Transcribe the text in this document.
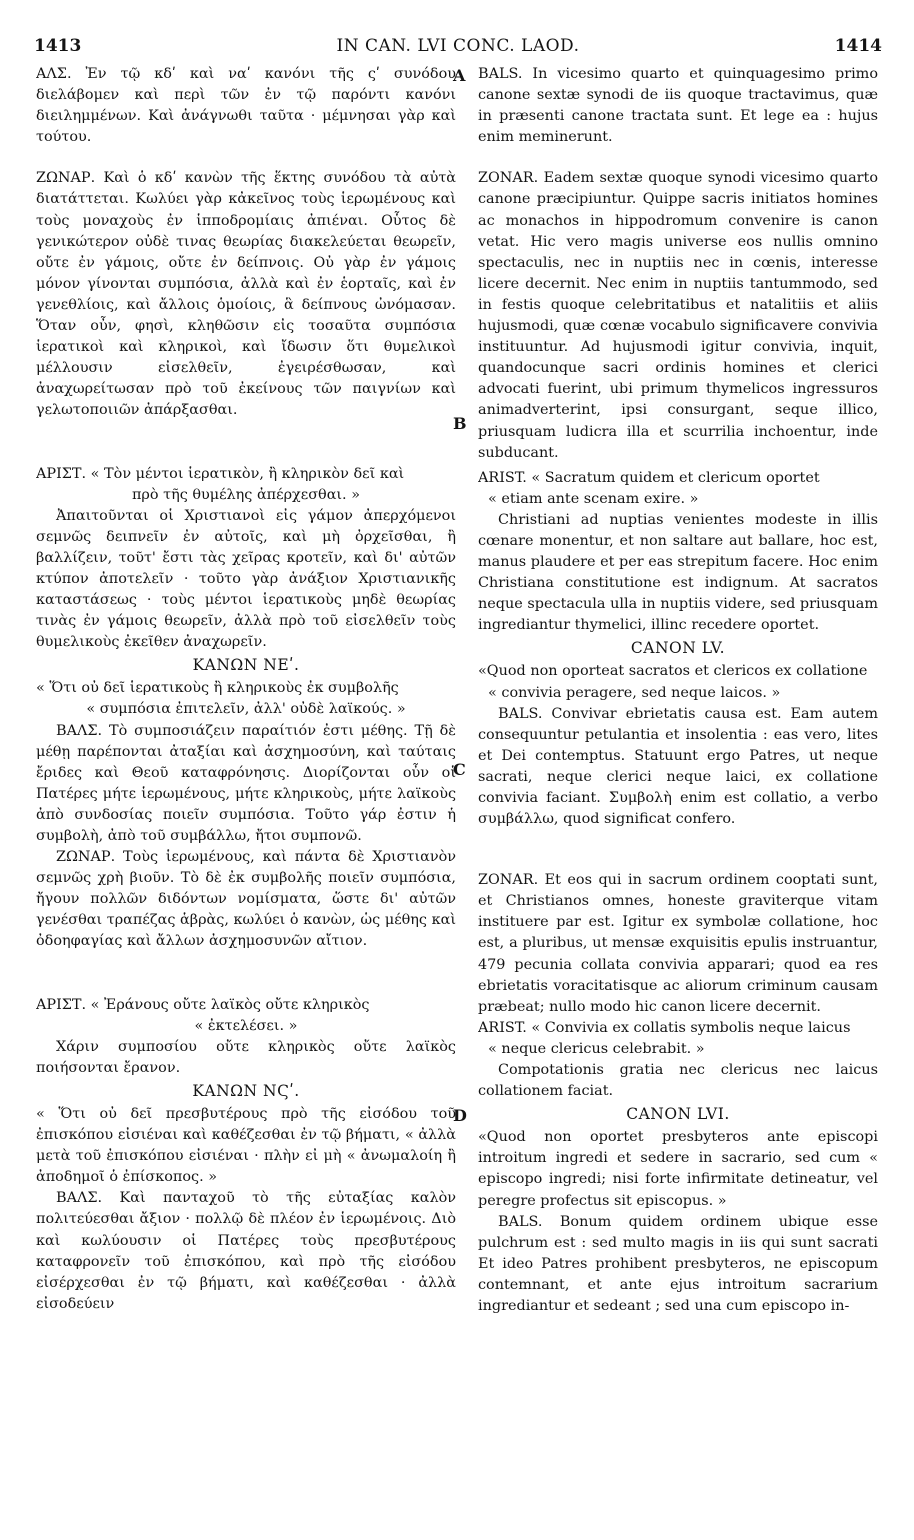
1413	IN CAN. LVI CONC. LAOD.	1414
A
B
C
D

ΑΛΣ. Ἐν τῷ κδʹ καὶ ναʹ κανόνι τῆς ςʹ συνόδου διελάβομεν καὶ περὶ τῶν ἐν τῷ παρόντι κανόνι διειλημμένων. Καὶ ἀνάγνωθι ταῦτα · μέμνησαι γὰρ καὶ τούτου.

ΖΩΝΑΡ. Καὶ ὁ κδʹ κανὼν τῆς ἕκτης συνόδου τὰ αὐτὰ διατάττεται. Κωλύει γὰρ κἀκεῖνος τοὺς ἱερωμένους καὶ τοὺς μοναχοὺς ἐν ἱπποδρομίαις ἀπιέναι. Οὗτος δὲ γενικώτερον οὐδὲ τινας θεωρίας διακελεύεται θεωρεῖν, οὔτε ἐν γάμοις, οὔτε ἐν δείπνοις. Οὐ γὰρ ἐν γάμοις μόνον γίνονται συμπόσια, ἀλλὰ καὶ ἐν ἑορταῖς, καὶ ἐν γενεθλίοις, καὶ ἄλλοις ὁμοίοις, ἃ δείπνους ὠνόμασαν. Ὅταν οὖν, φησὶ, κληθῶσιν εἰς τοσαῦτα συμπόσια ἱερατικοὶ καὶ κληρικοὶ, καὶ ἴδωσιν ὅτι θυμελικοὶ μέλλουσιν εἰσελθεῖν, ἐγειρέσθωσαν, καὶ ἀναχωρείτωσαν πρὸ τοῦ ἐκείνους τῶν παιγνίων καὶ γελωτοποιιῶν ἀπάρξασθαι.

ΑΡΙΣΤ. « Τὸν μέντοι ἱερατικὸν, ἢ κληρικὸν δεῖ καὶ

πρὸ τῆς θυμέλης ἀπέρχεσθαι. »

Ἀπαιτοῦνται οἱ Χριστιανοὶ εἰς γάμον ἀπερχόμενοι σεμνῶς δειπνεῖν ἐν αὐτοῖς, καὶ μὴ ὀρχεῖσθαι, ἢ βαλλίζειν, τοῦτ' ἔστι τὰς χεῖρας κροτεῖν, καὶ δι' αὐτῶν κτύπον ἀποτελεῖν · τοῦτο γὰρ ἀνάξιον Χριστιανικῆς καταστάσεως · τοὺς μέντοι ἱερατικοὺς μηδὲ θεωρίας τινὰς ἐν γάμοις θεωρεῖν, ἀλλὰ πρὸ τοῦ εἰσελθεῖν τοὺς θυμελικοὺς ἐκεῖθεν ἀναχωρεῖν.

ΚΑΝΩΝ ΝΕʹ.

« Ὅτι οὐ δεῖ ἱερατικοὺς ἢ κληρικοὺς ἐκ συμβολῆς

« συμπόσια ἐπιτελεῖν, ἀλλ' οὐδὲ λαϊκούς. »

ΒΑΛΣ. Τὸ συμποσιάζειν παραίτιόν ἐστι μέθης. Τῇ δὲ μέθῃ παρέπονται ἀταξίαι καὶ ἀσχημοσύνη, καὶ ταύταις ἔριδες καὶ Θεοῦ καταφρόνησις. Διορίζονται οὖν οἱ Πατέρες μήτε ἱερωμένους, μήτε κληρικοὺς, μήτε λαϊκοὺς ἀπὸ συνδοσίας ποιεῖν συμπόσια. Τοῦτο γάρ ἐστιν ἡ συμβολὴ, ἀπὸ τοῦ συμβάλλω, ἤτοι συμπονῶ.

ΖΩΝΑΡ. Τοὺς ἱερωμένους, καὶ πάντα δὲ Χριστιανὸν σεμνῶς χρὴ βιοῦν. Τὸ δὲ ἐκ συμβολῆς ποιεῖν συμπόσια, ἤγουν πολλῶν διδόντων νομίσματα, ὥστε δι' αὐτῶν γενέσθαι τραπέζας ἁβρὰς, κωλύει ὁ κανὼν, ὡς μέθης καὶ ὀδοηφαγίας καὶ ἄλλων ἀσχημοσυνῶν αἴτιον.

ΑΡΙΣΤ. « Ἐράνους οὔτε λαϊκὸς οὔτε κληρικὸς

« ἐκτελέσει. »

Χάριν συμποσίου οὔτε κληρικὸς οὔτε λαϊκὸς ποιήσονται ἔρανον.

ΚΑΝΩΝ ΝϚʹ.

« Ὅτι οὐ δεῖ πρεσβυτέρους πρὸ τῆς εἰσόδου τοῦ ἐπισκόπου εἰσιέναι καὶ καθέζεσθαι ἐν τῷ βήματι, « ἀλλὰ μετὰ τοῦ ἐπισκόπου εἰσιέναι · πλὴν εἰ μὴ « ἀνωμαλοίη ἢ ἀποδημοῖ ὁ ἐπίσκοπος. »

ΒΑΛΣ. Καὶ πανταχοῦ τὸ τῆς εὐταξίας καλὸν πολιτεύεσθαι ἄξιον · πολλῷ δὲ πλέον ἐν ἱερωμένοις. Διὸ καὶ κωλύουσιν οἱ Πατέρες τοὺς πρεσβυτέρους καταφρονεῖν τοῦ ἐπισκόπου, καὶ πρὸ τῆς εἰσόδου εἰσέρχεσθαι ἐν τῷ βήματι, καὶ καθέζεσθαι · ἀλλὰ εἰσοδεύειν

BALS. In vicesimo quarto et quinquagesimo primo canone sextæ synodi de iis quoque tractavimus, quæ in præsenti canone tractata sunt. Et lege ea : hujus enim meminerunt.

ZONAR. Eadem sextæ quoque synodi vicesimo quarto canone præcipiuntur. Quippe sacris initiatos homines ac monachos in hippodromum convenire is canon vetat. Hic vero magis universe eos nullis omnino spectaculis, nec in nuptiis nec in cœnis, interesse licere decernit. Nec enim in nuptiis tantummodo, sed in festis quoque celebritatibus et natalitiis et aliis hujusmodi, quæ cœnæ vocabulo significavere convivia instituuntur. Ad hujusmodi igitur convivia, inquit, quandocunque sacri ordinis homines et clerici advocati fuerint, ubi primum thymelicos ingressuros animadverterint, ipsi consurgant, seque illico, priusquam ludicra illa et scurrilia inchoentur, inde subducant.

ARIST. « Sacratum quidem et clericum oportet

« etiam ante scenam exire. »

Christiani ad nuptias venientes modeste in illis cœnare monentur, et non saltare aut ballare, hoc est, manus plaudere et per eas strepitum facere. Hoc enim Christiana constitutione est indignum. At sacratos neque spectacula ulla in nuptiis videre, sed priusquam ingrediantur thymelici, illinc recedere oportet.

CANON LV.

«Quod non oporteat sacratos et clericos ex collatione

« convivia peragere, sed neque laicos. »

BALS. Convivar ebrietatis causa est. Eam autem consequuntur petulantia et insolentia : eas vero, lites et Dei contemptus. Statuunt ergo Patres, ut neque sacrati, neque clerici neque laici, ex collatione convivia faciant. Συμβολὴ enim est collatio, a verbo συμβάλλω, quod significat confero.

ZONAR. Et eos qui in sacrum ordinem cooptati sunt, et Christianos omnes, honeste graviterque vitam instituere par est. Igitur ex symbolæ collatione, hoc est, a pluribus, ut mensæ exquisitis epulis instruantur, 479 pecunia collata convivia apparari; quod ea res ebrietatis voracitatisque ac aliorum criminum causam præbeat; nullo modo hic canon licere decernit.

ARIST. « Convivia ex collatis symbolis neque laicus

« neque clericus celebrabit. »

Compotationis gratia nec clericus nec laicus collationem faciat.

CANON LVI.

«Quod non oportet presbyteros ante episcopi introitum ingredi et sedere in sacrario, sed cum « episcopo ingredi; nisi forte infirmitate detineatur, vel peregre profectus sit episcopus. »

BALS. Bonum quidem ordinem ubique esse pulchrum est : sed multo magis in iis qui sunt sacrati Et ideo Patres prohibent presbyteros, ne episcopum contemnant, et ante ejus introitum sacrarium ingrediantur et sedeant ; sed una cum episcopo in-
